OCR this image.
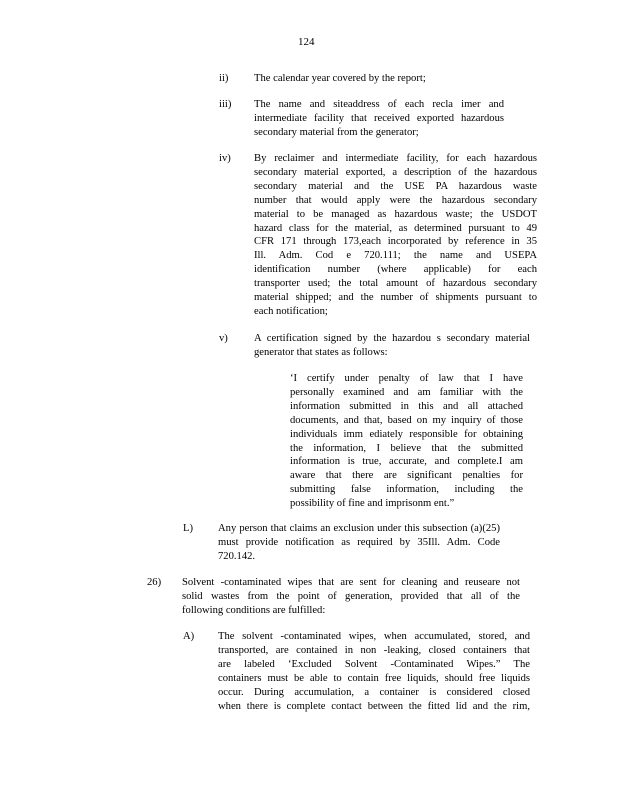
124
ii) The calendar year covered by the report;
iii) The name and siteaddress of each recla imer and
intermediate facility that received exported hazardous
secondary material from the generator;
iv) By reclaimer and intermediate facility, for each hazardous
secondary material exported, a description of the hazardous
secondary material and the USE PA hazardous waste
number that would apply were the hazardous secondary
material to be managed as hazardous waste; the USDOT
hazard class for the material, as determined pursuant to 49
CFR 171 through 173,each incorporated by reference in 35
Ill. Adm. Cod e 720.111; the name and USEPA
identification number (where applicable) for each
transporter used; the total amount of hazardous secondary
material shipped; and the number of shipments pursuant to
each notification;
v) A certification signed by the hazardou s secondary material
generator that states as follows:
‘I certify under penalty of law that I have
personally examined and am familiar with the
information submitted in this and all attached
documents, and that, based on my inquiry of those
individuals imm ediately responsible for obtaining
the information, I believe that the submitted
information is true, accurate, and complete.I am
aware that there are significant penalties for
submitting false information, including the
possibility of fine and imprisonm ent.”
L) Any person that claims an exclusion under this subsection (a)(25)
must provide notification as required by 35Ill. Adm. Code
720.142.
26) Solvent -contaminated wipes that are sent for cleaning and reuseare not
solid wastes from the point of generation, provided that all of the
following conditions are fulfilled:
A) The solvent -contaminated wipes, when accumulated, stored, and
transported, are contained in non -leaking, closed containers that
are labeled ‘Excluded Solvent -Contaminated Wipes.” The
containers must be able to contain free liquids, should free liquids
occur. During accumulation, a container is considered closed
when there is complete contact between the fitted lid and the rim,
